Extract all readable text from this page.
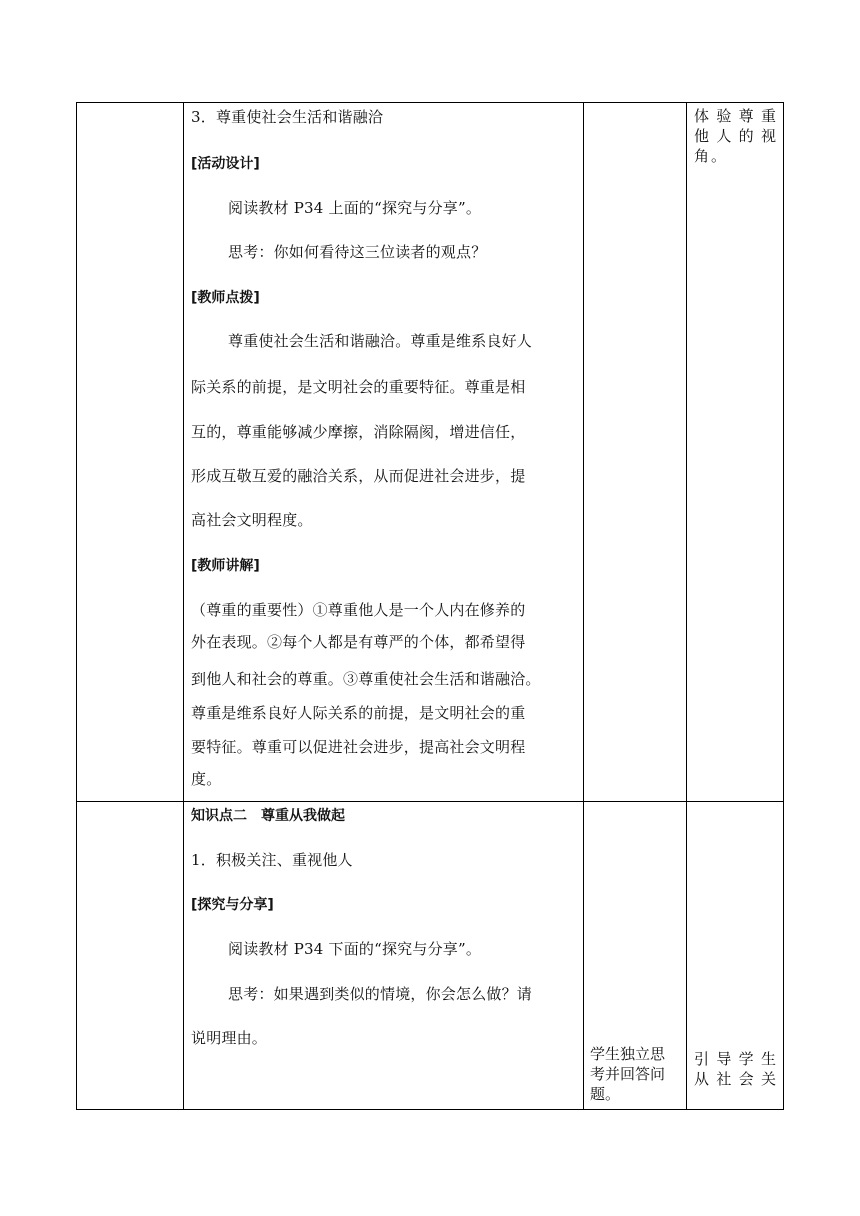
3．尊重使社会生活和谐融洽
[活动设计]
阅读教材 P34 上面的“探究与分享”。
思考：你如何看待这三位读者的观点？
[教师点拨]
尊重使社会生活和谐融洽。尊重是维系良好人
际关系的前提，是文明社会的重要特征。尊重是相
互的，尊重能够减少摩擦，消除隔阂，增进信任，
形成互敬互爱的融洽关系，从而促进社会进步，提
高社会文明程度。
[教师讲解]
（尊重的重要性）①尊重他人是一个人内在修养的
外在表现。②每个人都是有尊严的个体，都希望得
到他人和社会的尊重。③尊重使社会生活和谐融洽。
尊重是维系良好人际关系的前提，是文明社会的重
要特征。尊重可以促进社会进步，提高社会文明程
度。
体验尊重
他人的视
角。
知识点二　尊重从我做起
1．积极关注、重视他人
[探究与分享]
阅读教材 P34 下面的“探究与分享”。
思考：如果遇到类似的情境，你会怎么做？请
说明理由。
学生独立思
考并回答问
题。
引导学生
从社会关
